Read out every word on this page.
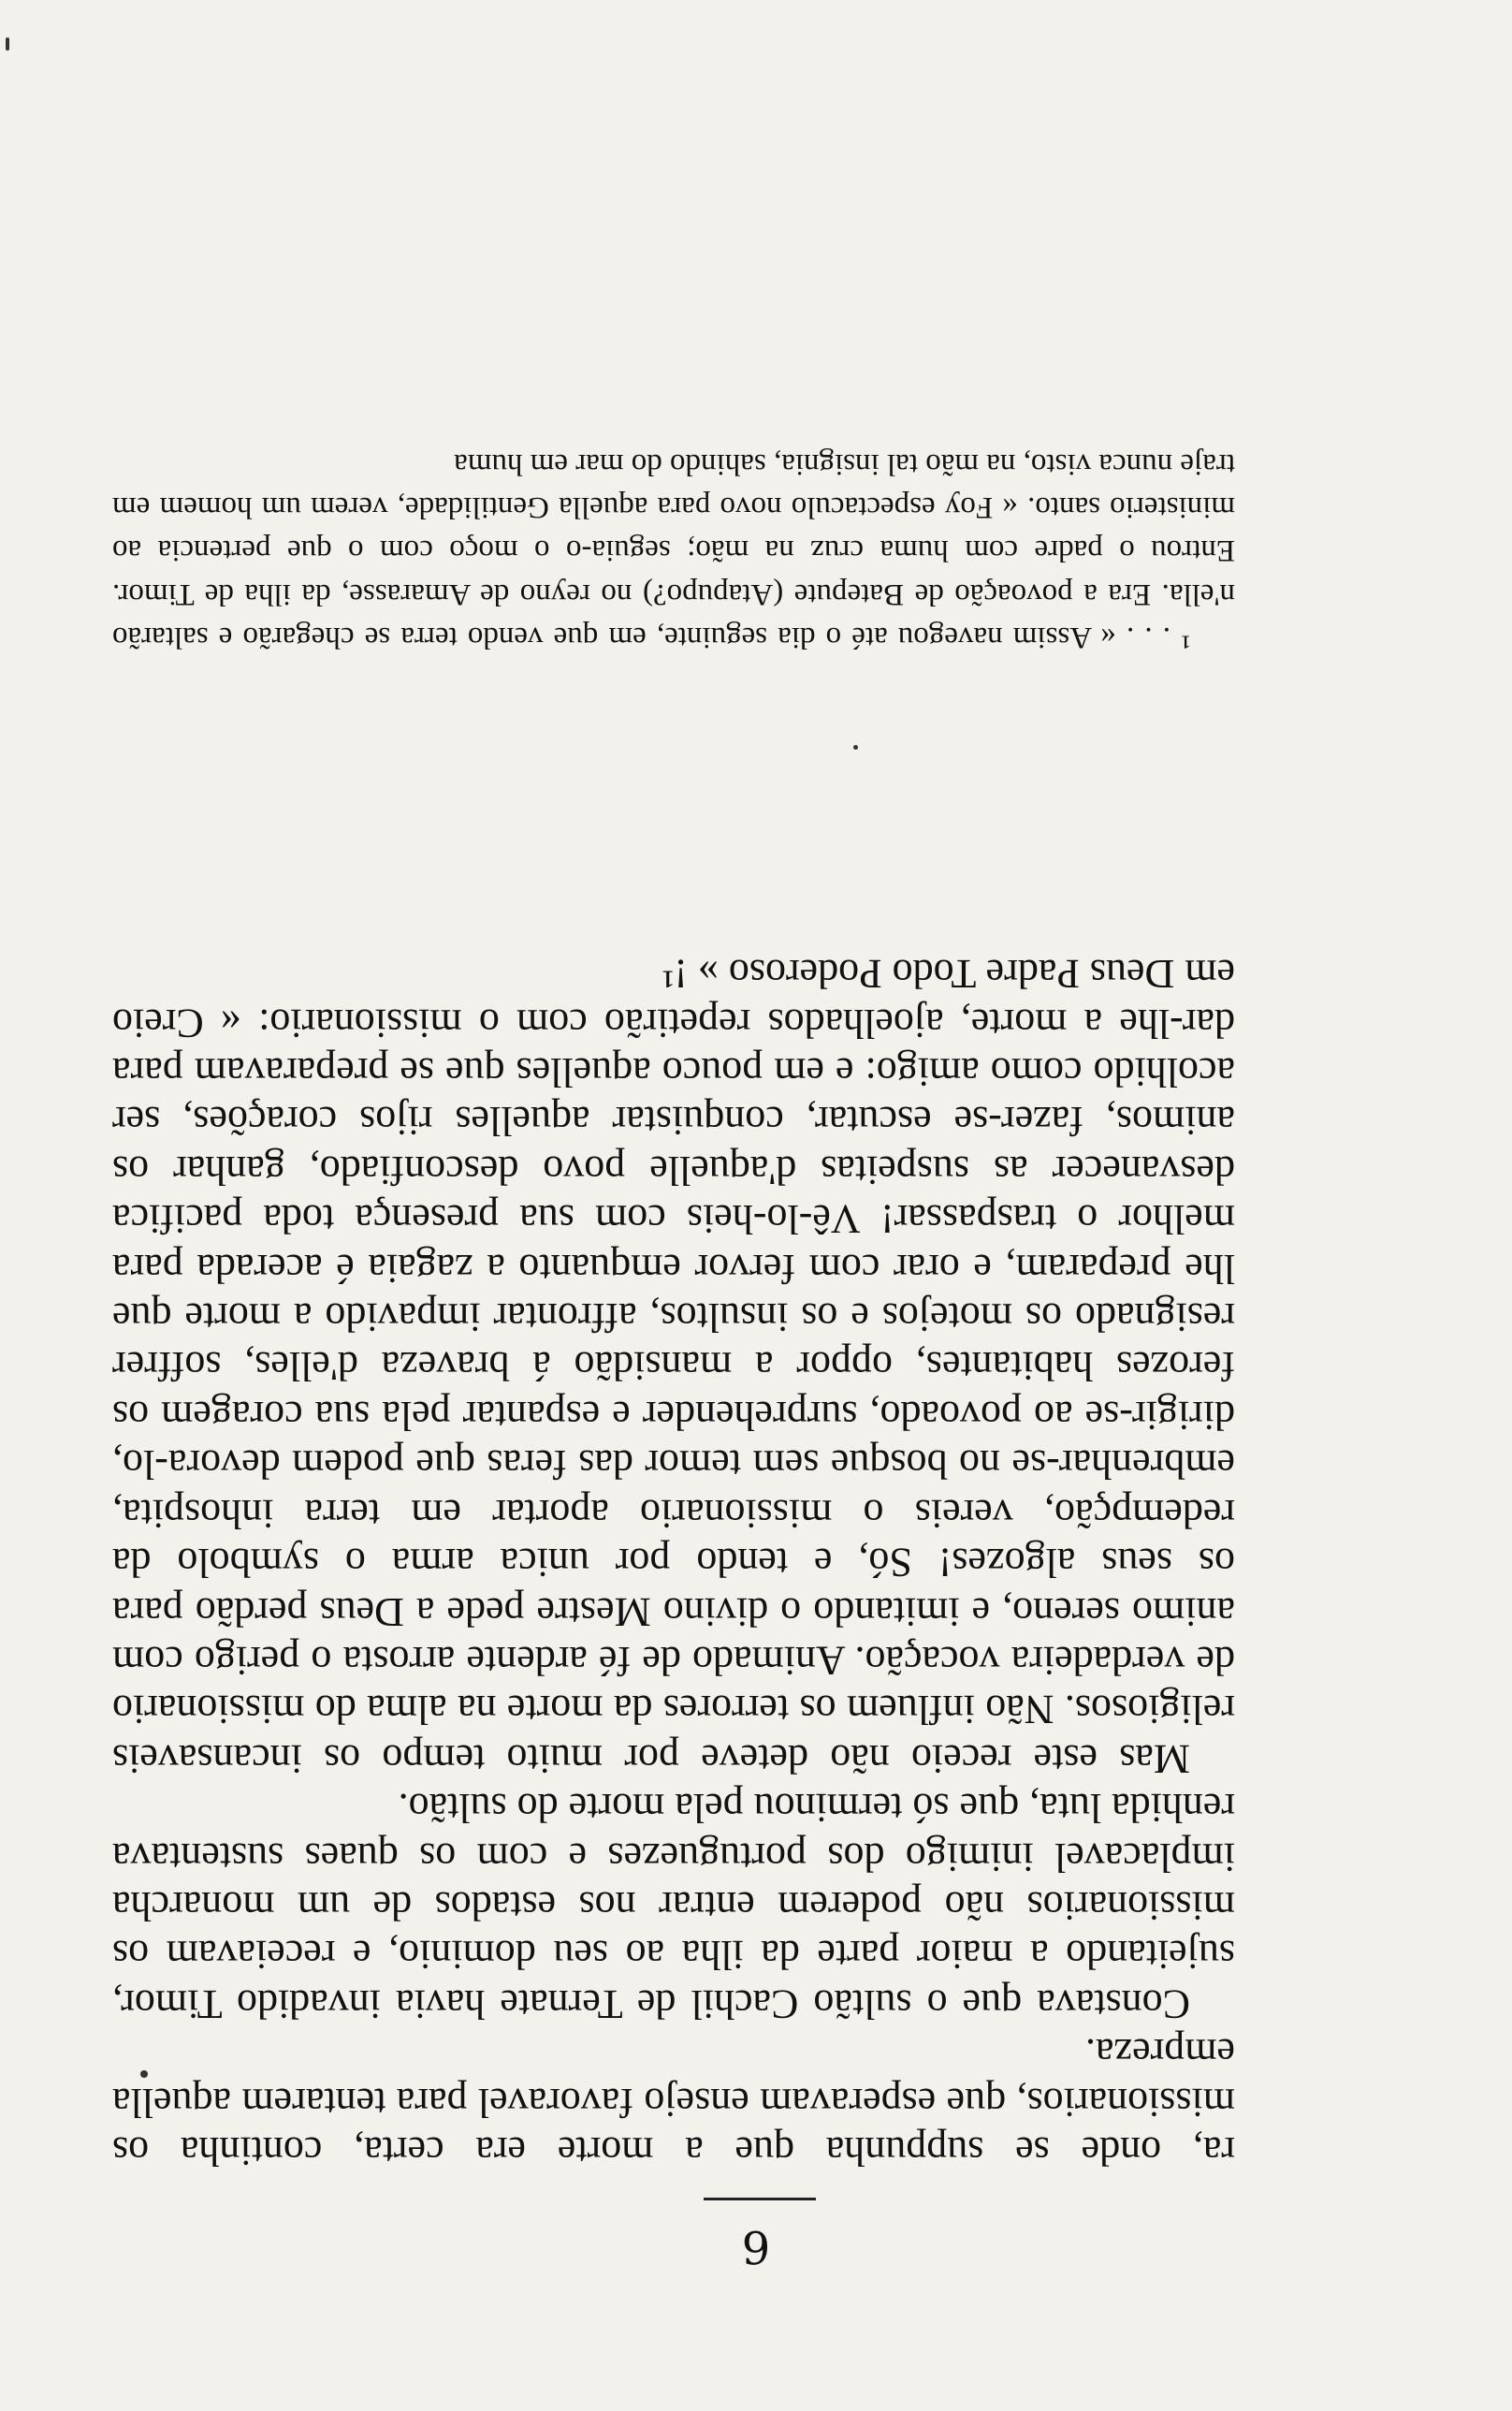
6

ra, onde se suppunha que a morte era certa, continha os missionarios, que esperavam ensejo favoravel para tentarem aquella empreza.

Constava que o sultão Cachil de Ternate havia invadido Timor, sujeitando a maior parte da ilha ao seu dominio, e receiavam os missionarios não poderem entrar nos estados de um monarcha implacavel inimigo dos portuguezes e com os quaes sustentava renhida luta, que só terminou pela morte do sultão.

Mas este receio não deteve por muito tempo os incansaveis religiosos. Não influem os terrores da morte na alma do missionario de verdadeira vocação. Animado de fé ardente arrosta o perigo com animo sereno, e imitando o divino Mestre pede a Deus perdão para os seus algozes! Só, e tendo por unica arma o symbolo da redempção, vereis o missionario aportar em terra inhospita, embrenhar-se no bosque sem temor das feras que podem devora-lo, dirigir-se ao povoado, surprehender e espantar pela sua coragem os ferozes habitantes, oppor a mansidão á braveza d'elles, soffrer resignado os motejos e os insultos, affrontar impavido a morte que lhe preparam, e orar com fervor emquanto a zagaia é acerada para melhor o traspassar! Vê-lo-heis com sua presença toda pacifica desvanecer as suspeitas d'aquelle povo desconfiado, ganhar os animos, fazer-se escutar, conquistar aquelles rijos corações, ser acolhido como amigo: e em pouco aquelles que se preparavam para dar-lhe a morte, ajoelhados repetirão com o missionario: « Creio em Deus Padre Todo Poderoso » !¹

¹ . . . « Assim navegou até o dia seguinte, em que vendo terra se chegarão e saltarão n'ella. Era a povoação de Batepute (Atapupo?) no reyno de Amarasse, da ilha de Timor. Entrou o padre com huma cruz na mão; seguia-o o moço com o que pertencia ao ministerio santo. « Foy espectaculo novo para aquella Gentilidade, verem um homem em traje nunca visto, na mão tal insignia, sahindo do mar em huma
